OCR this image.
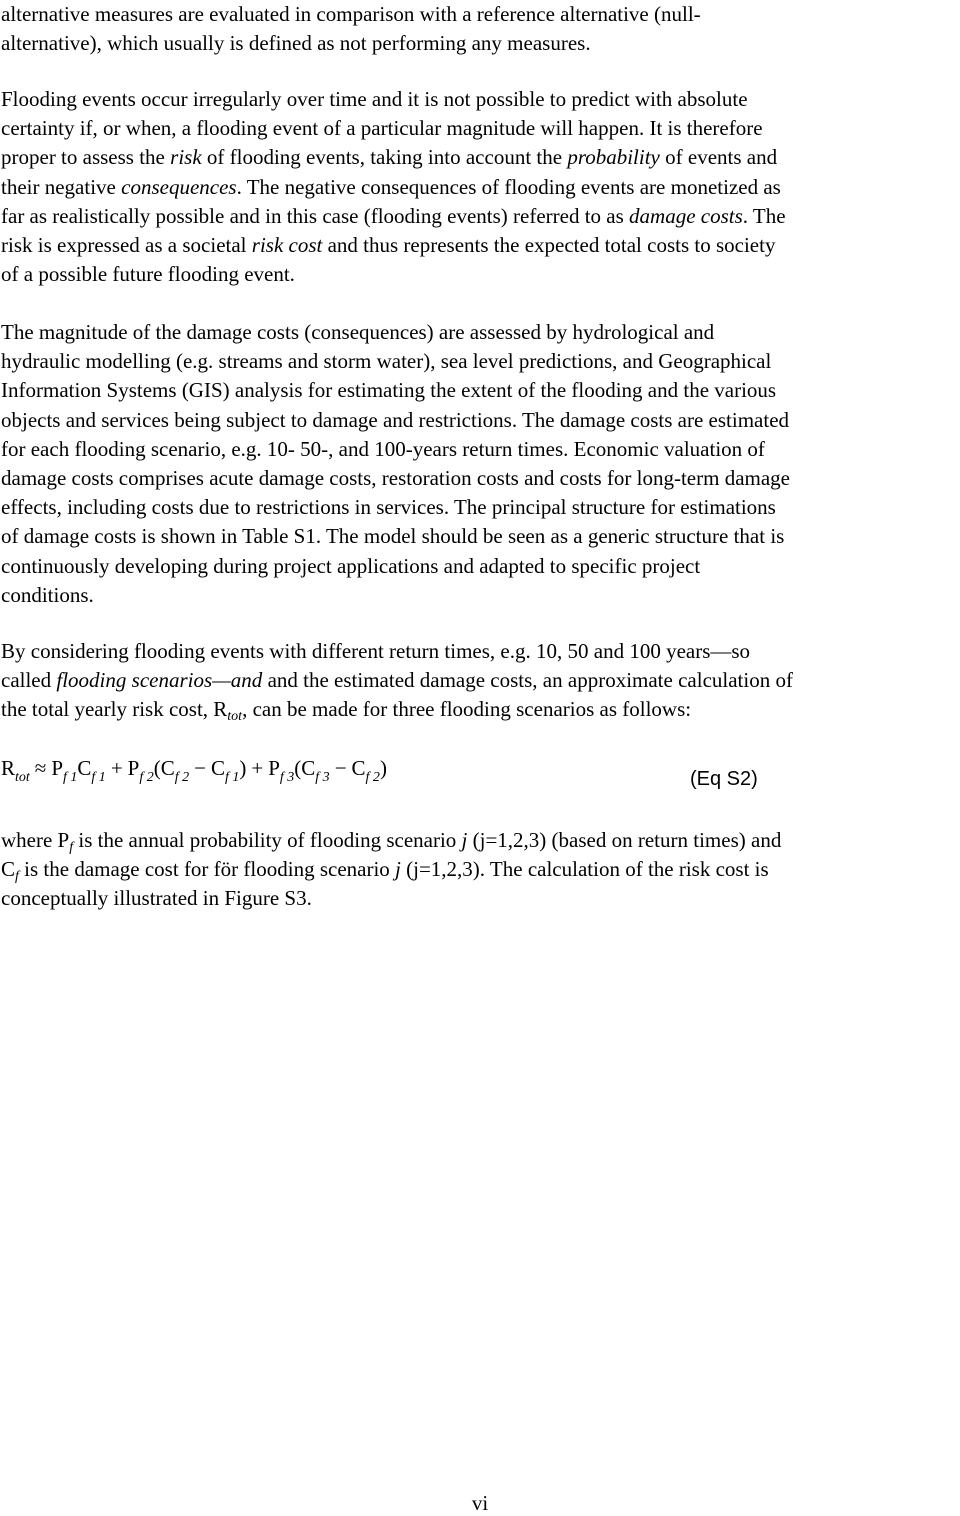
alternative measures are evaluated in comparison with a reference alternative (null-
alternative), which usually is defined as not performing any measures.

Flooding events occur irregularly over time and it is not possible to predict with absolute
certainty if, or when, a flooding event of a particular magnitude will happen. It is therefore
proper to assess the risk of flooding events, taking into account the probability of events and
their negative consequences. The negative consequences of flooding events are monetized as
far as realistically possible and in this case (flooding events) referred to as damage costs. The
risk is expressed as a societal risk cost and thus represents the expected total costs to society
of a possible future flooding event.

The magnitude of the damage costs (consequences) are assessed by hydrological and
hydraulic modelling (e.g. streams and storm water), sea level predictions, and Geographical
Information Systems (GIS) analysis for estimating the extent of the flooding and the various
objects and services being subject to damage and restrictions. The damage costs are estimated
for each flooding scenario, e.g. 10- 50-, and 100-years return times. Economic valuation of
damage costs comprises acute damage costs, restoration costs and costs for long-term damage
effects, including costs due to restrictions in services. The principal structure for estimations
of damage costs is shown in Table S1. The model should be seen as a generic structure that is
continuously developing during project applications and adapted to specific project
conditions.

By considering flooding events with different return times, e.g. 10, 50 and 100 years—so
called flooding scenarios—and and the estimated damage costs, an approximate calculation of
the total yearly risk cost, $R_{tot}$, can be made for three flooding scenarios as follows:

$R_{tot} \approx P_{f 1}C_{f 1} + P_{f 2}(C_{f 2} - C_{f 1}) + P_{f 3}(C_{f 3} - C_{f 2})$	(Eq S2)

where $P_f$ is the annual probability of flooding scenario j (j=1,2,3) (based on return times) and
$C_f$ is the damage cost for för flooding scenario j (j=1,2,3). The calculation of the risk cost is
conceptually illustrated in Figure S3.

vi
